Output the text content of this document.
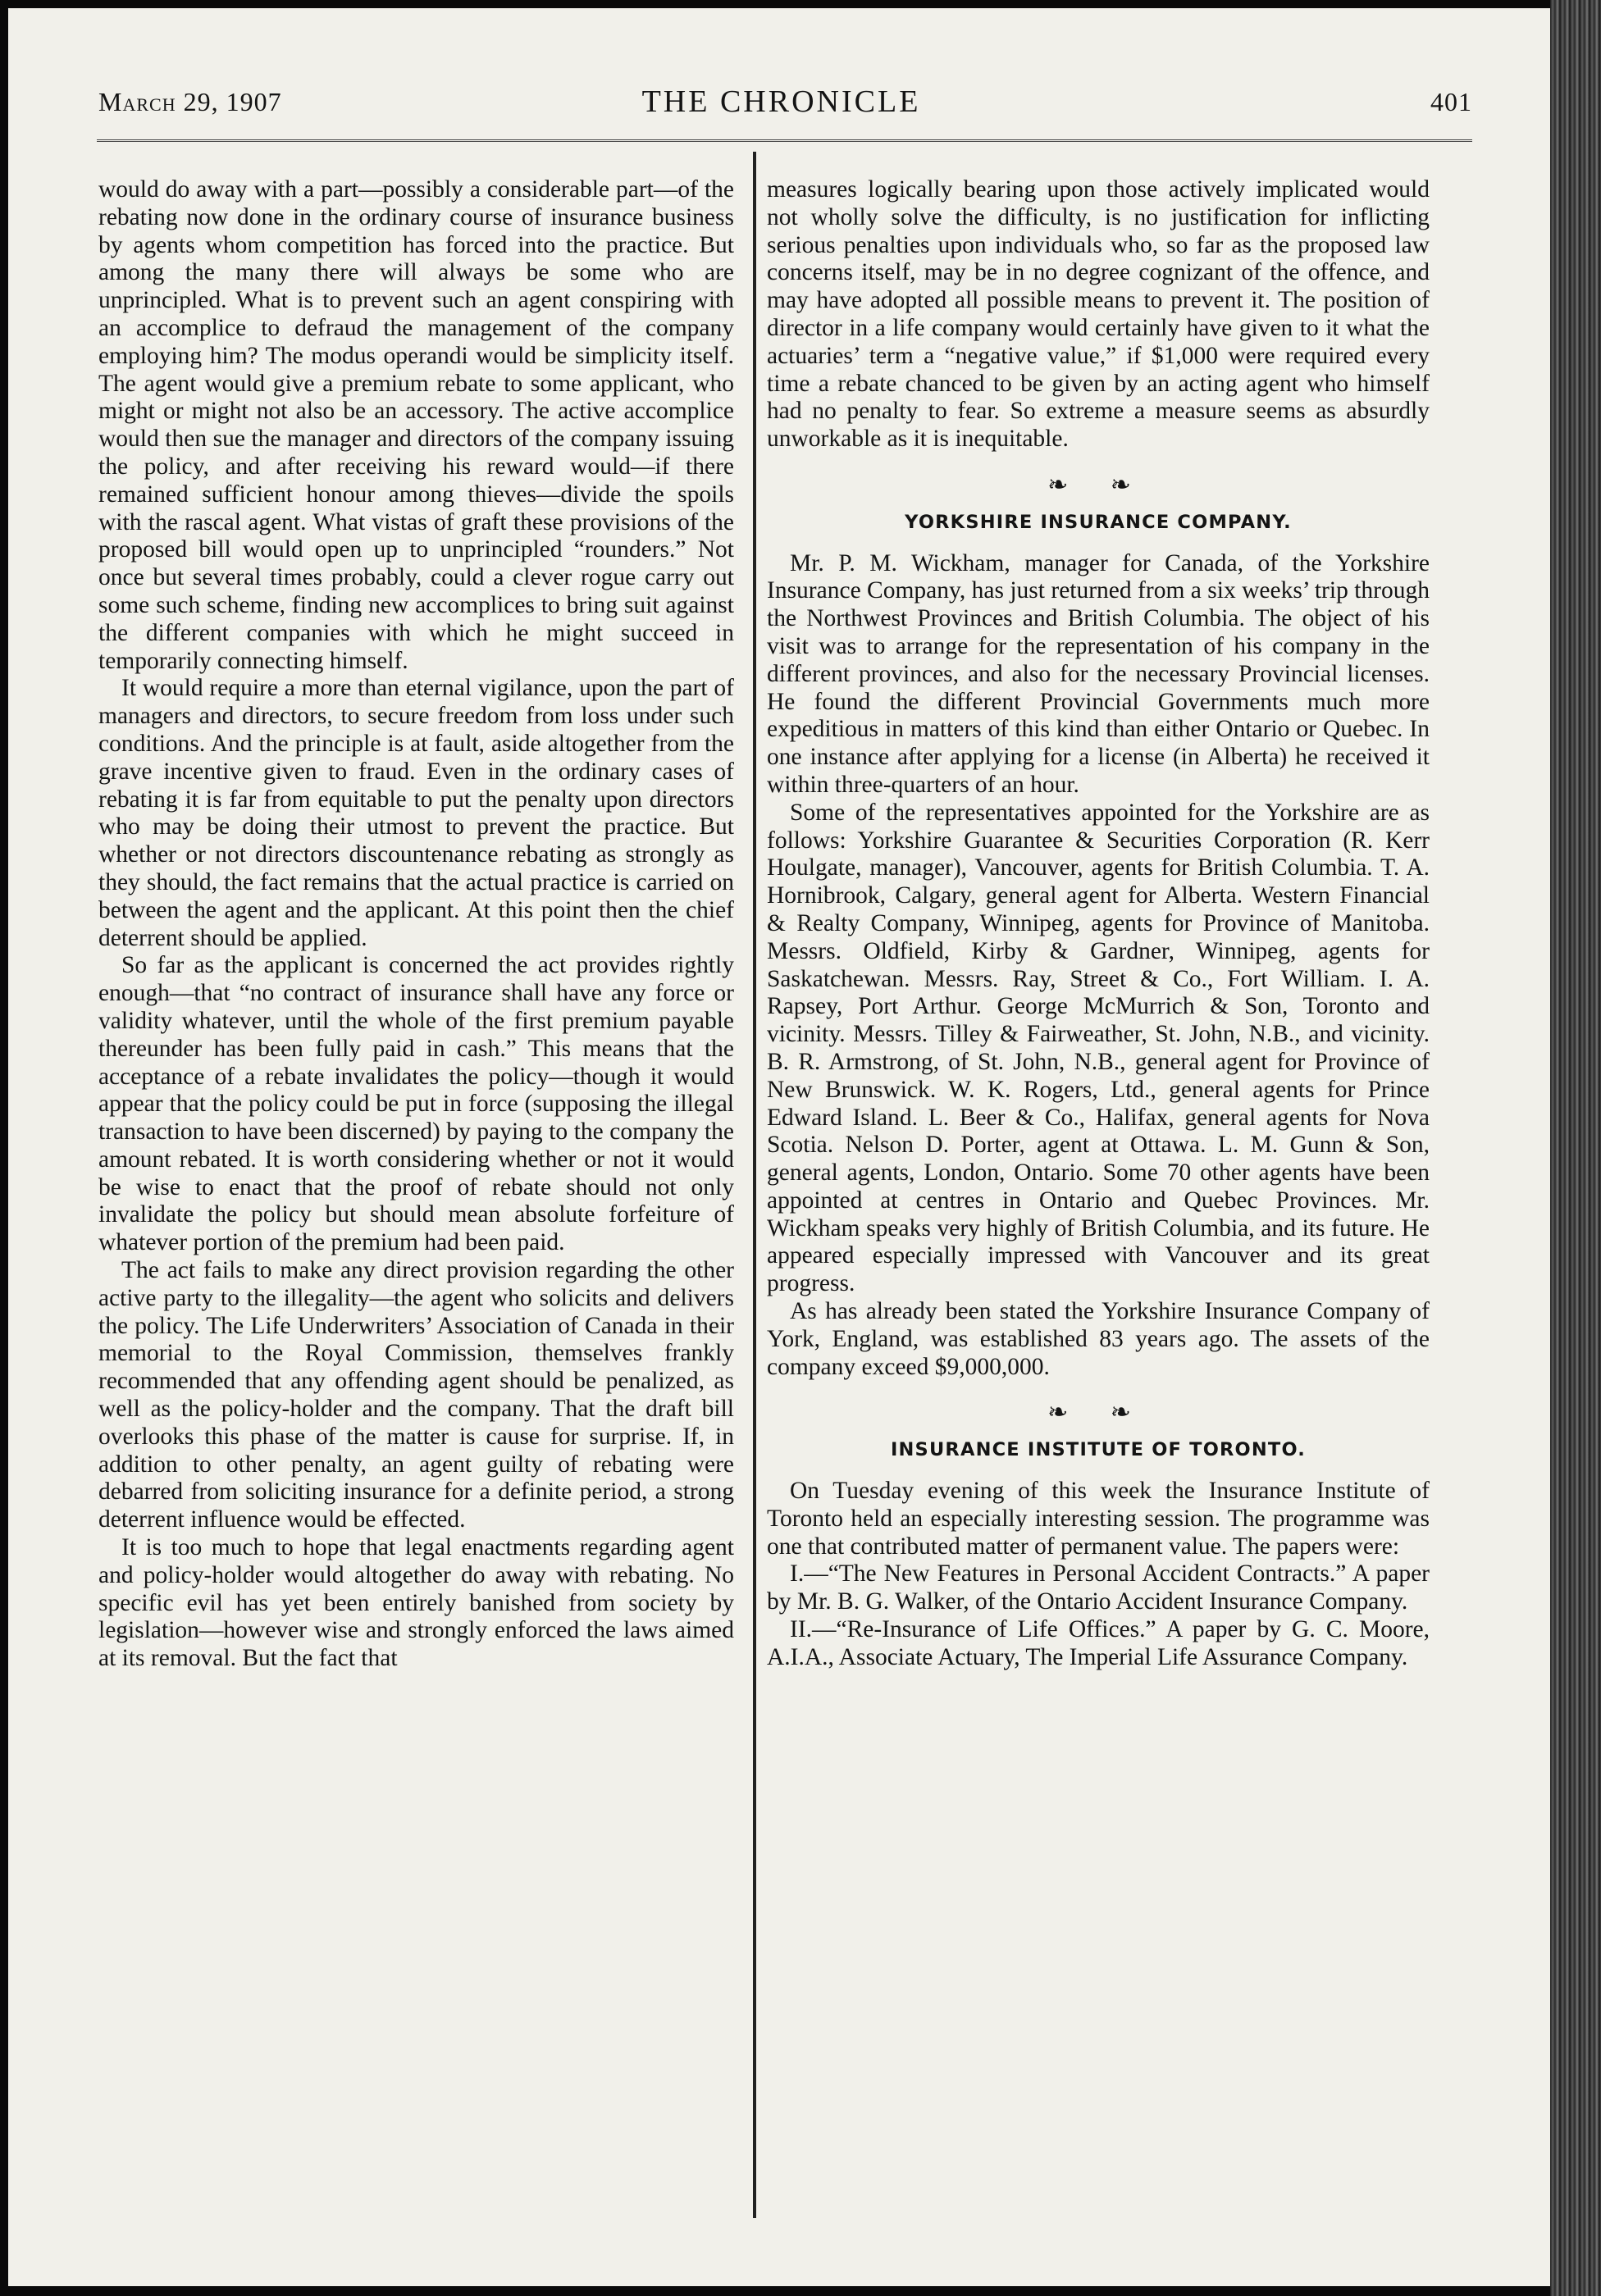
March 29, 1907	THE CHRONICLE	401

would do away with a part—possibly a considerable part—of the rebating now done in the ordinary course of insurance business by agents whom competition has forced into the practice. But among the many there will always be some who are unprincipled. What is to prevent such an agent conspiring with an accomplice to defraud the management of the company employing him? The modus operandi would be simplicity itself. The agent would give a premium rebate to some applicant, who might or might not also be an accessory. The active accomplice would then sue the manager and directors of the company issuing the policy, and after receiving his reward would—if there remained sufficient honour among thieves—divide the spoils with the rascal agent. What vistas of graft these provisions of the proposed bill would open up to unprincipled “rounders.” Not once but several times probably, could a clever rogue carry out some such scheme, finding new accomplices to bring suit against the different companies with which he might succeed in temporarily connecting himself.

It would require a more than eternal vigilance, upon the part of managers and directors, to secure freedom from loss under such conditions. And the principle is at fault, aside altogether from the grave incentive given to fraud. Even in the ordinary cases of rebating it is far from equitable to put the penalty upon directors who may be doing their utmost to prevent the practice. But whether or not directors discountenance rebating as strongly as they should, the fact remains that the actual practice is carried on between the agent and the applicant. At this point then the chief deterrent should be applied.

So far as the applicant is concerned the act provides rightly enough—that “no contract of insurance shall have any force or validity whatever, until the whole of the first premium payable thereunder has been fully paid in cash.” This means that the acceptance of a rebate invalidates the policy—though it would appear that the policy could be put in force (supposing the illegal transaction to have been discerned) by paying to the company the amount rebated. It is worth considering whether or not it would be wise to enact that the proof of rebate should not only invalidate the policy but should mean absolute forfeiture of whatever portion of the premium had been paid.

The act fails to make any direct provision regarding the other active party to the illegality—the agent who solicits and delivers the policy. The Life Underwriters’ Association of Canada in their memorial to the Royal Commission, themselves frankly recommended that any offending agent should be penalized, as well as the policy-holder and the company. That the draft bill overlooks this phase of the matter is cause for surprise. If, in addition to other penalty, an agent guilty of rebating were debarred from soliciting insurance for a definite period, a strong deterrent influence would be effected.

It is too much to hope that legal enactments regarding agent and policy-holder would altogether do away with rebating. No specific evil has yet been entirely banished from society by legislation—however wise and strongly enforced the laws aimed at its removal. But the fact that

measures logically bearing upon those actively implicated would not wholly solve the difficulty, is no justification for inflicting serious penalties upon individuals who, so far as the proposed law concerns itself, may be in no degree cognizant of the offence, and may have adopted all possible means to prevent it. The position of director in a life company would certainly have given to it what the actuaries’ term a “negative value,” if $1,000 were required every time a rebate chanced to be given by an acting agent who himself had no penalty to fear. So extreme a measure seems as absurdly unworkable as it is inequitable.

❧ ❧
YORKSHIRE INSURANCE COMPANY.

Mr. P. M. Wickham, manager for Canada, of the Yorkshire Insurance Company, has just returned from a six weeks’ trip through the Northwest Provinces and British Columbia. The object of his visit was to arrange for the representation of his company in the different provinces, and also for the necessary Provincial licenses. He found the different Provincial Governments much more expeditious in matters of this kind than either Ontario or Quebec. In one instance after applying for a license (in Alberta) he received it within three-quarters of an hour.

Some of the representatives appointed for the Yorkshire are as follows: Yorkshire Guarantee & Securities Corporation (R. Kerr Houlgate, manager), Vancouver, agents for British Columbia. T. A. Hornibrook, Calgary, general agent for Alberta. Western Financial & Realty Company, Winnipeg, agents for Province of Manitoba. Messrs. Oldfield, Kirby & Gardner, Winnipeg, agents for Saskatchewan. Messrs. Ray, Street & Co., Fort William. I. A. Rapsey, Port Arthur. George McMurrich & Son, Toronto and vicinity. Messrs. Tilley & Fairweather, St. John, N.B., and vicinity. B. R. Armstrong, of St. John, N.B., general agent for Province of New Brunswick. W. K. Rogers, Ltd., general agents for Prince Edward Island. L. Beer & Co., Halifax, general agents for Nova Scotia. Nelson D. Porter, agent at Ottawa. L. M. Gunn & Son, general agents, London, Ontario. Some 70 other agents have been appointed at centres in Ontario and Quebec Provinces. Mr. Wickham speaks very highly of British Columbia, and its future. He appeared especially impressed with Vancouver and its great progress.

As has already been stated the Yorkshire Insurance Company of York, England, was established 83 years ago. The assets of the company exceed $9,000,000.

❧ ❧
INSURANCE INSTITUTE OF TORONTO.

On Tuesday evening of this week the Insurance Institute of Toronto held an especially interesting session. The programme was one that contributed matter of permanent value. The papers were:

I.—“The New Features in Personal Accident Contracts.” A paper by Mr. B. G. Walker, of the Ontario Accident Insurance Company.

II.—“Re-Insurance of Life Offices.” A paper by G. C. Moore, A.I.A., Associate Actuary, The Imperial Life Assurance Company.
